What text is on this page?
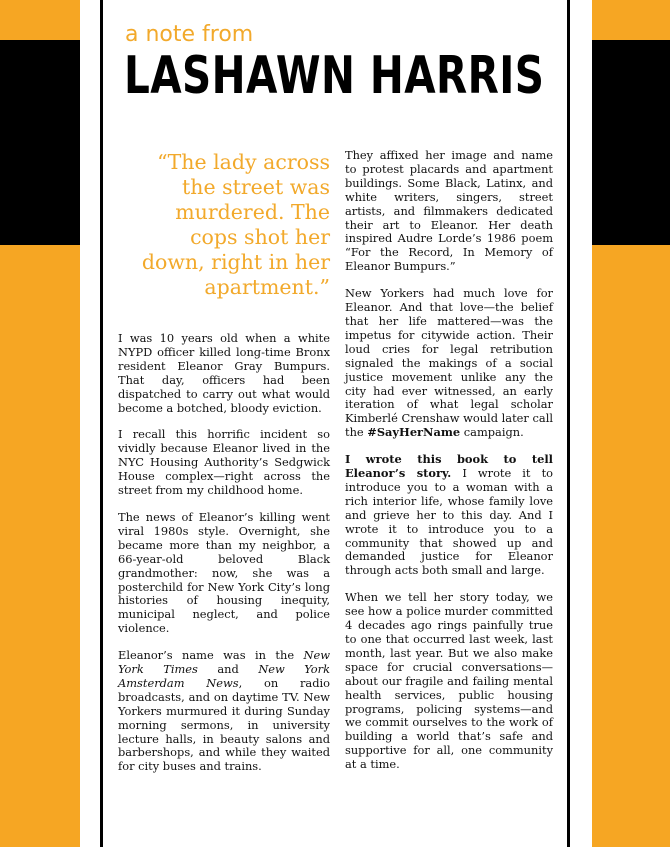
a note from
LASHAWN HARRIS
“The lady across the street was murdered. The cops shot her down, right in her apartment.”

I was 10 years old when a white NYPD officer killed long-time Bronx resident Eleanor Gray Bumpurs. That day, officers had been dispatched to carry out what would become a botched, bloody eviction.

I recall this horrific incident so vividly because Eleanor lived in the NYC Housing Authority’s Sedgwick House complex—right across the street from my childhood home.

The news of Eleanor’s killing went viral 1980s style. Overnight, she became more than my neighbor, a 66-year-old beloved Black grandmother: now, she was a posterchild for New York City’s long histories of housing inequity, municipal neglect, and police violence.

Eleanor’s name was in the New York Times and New York Amsterdam News, on radio broadcasts, and on daytime TV. New Yorkers murmured it during Sunday morning sermons, in university lecture halls, in beauty salons and barbershops, and while they waited for city buses and trains.

They affixed her image and name to protest placards and apartment buildings. Some Black, Latinx, and white writers, singers, street artists, and filmmakers dedicated their art to Eleanor. Her death inspired Audre Lorde’s 1986 poem “For the Record, In Memory of Eleanor Bumpurs.”

New Yorkers had much love for Eleanor. And that love—the belief that her life mattered—was the impetus for citywide action. Their loud cries for legal retribution signaled the makings of a social justice movement unlike any the city had ever witnessed, an early iteration of what legal scholar Kimberlé Crenshaw would later call the #SayHerName campaign.

I wrote this book to tell Eleanor’s story. I wrote it to introduce you to a woman with a rich interior life, whose family love and grieve her to this day. And I wrote it to introduce you to a community that showed up and demanded justice for Eleanor through acts both small and large.

When we tell her story today, we see how a police murder committed 4 decades ago rings painfully true to one that occurred last week, last month, last year. But we also make space for crucial conversations—about our fragile and failing mental health services, public housing programs, policing systems—and we commit ourselves to the work of building a world that’s safe and supportive for all, one community at a time.
